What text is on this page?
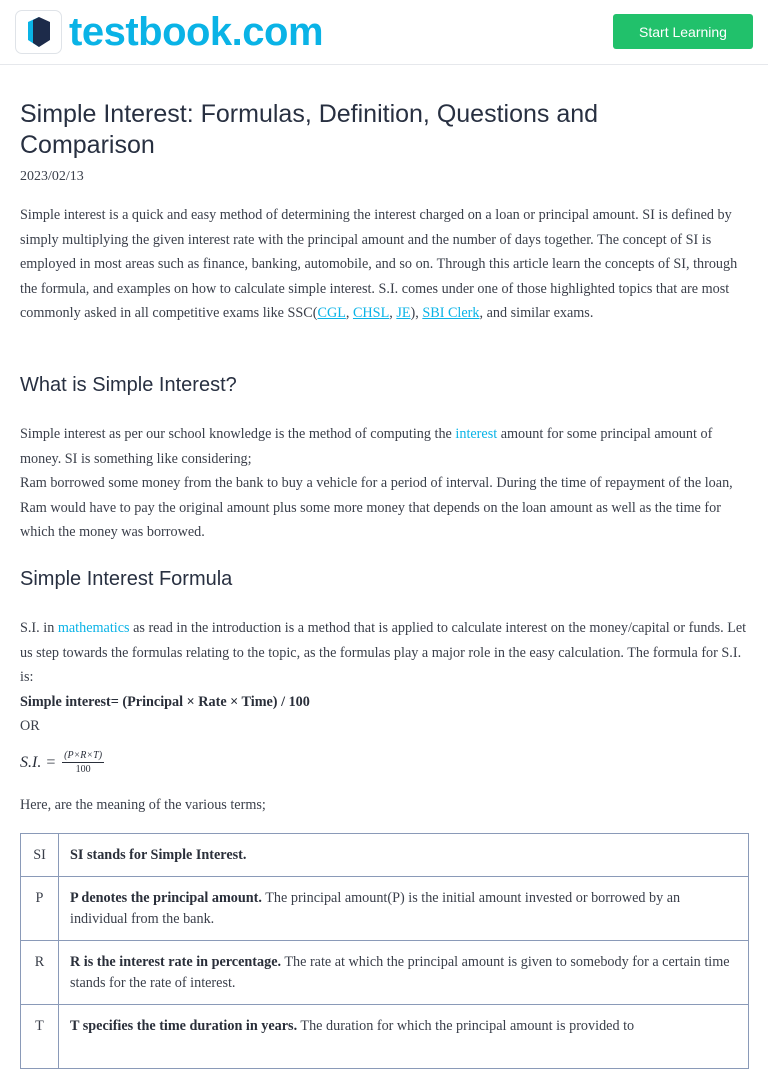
testbook.com	Start Learning
Simple Interest: Formulas, Definition, Questions and Comparison
2023/02/13
Simple interest is a quick and easy method of determining the interest charged on a loan or principal amount. SI is defined by simply multiplying the given interest rate with the principal amount and the number of days together. The concept of SI is employed in most areas such as finance, banking, automobile, and so on. Through this article learn the concepts of SI, through the formula, and examples on how to calculate simple interest. S.I. comes under one of those highlighted topics that are most commonly asked in all competitive exams like SSC(CGL, CHSL, JE), SBI Clerk, and similar exams.
What is Simple Interest?
Simple interest as per our school knowledge is the method of computing the interest amount for some principal amount of money. SI is something like considering;
Ram borrowed some money from the bank to buy a vehicle for a period of interval. During the time of repayment of the loan, Ram would have to pay the original amount plus some more money that depends on the loan amount as well as the time for which the money was borrowed.
Simple Interest Formula
S.I. in mathematics as read in the introduction is a method that is applied to calculate interest on the money/capital or funds. Let us step towards the formulas relating to the topic, as the formulas play a major role in the easy calculation. The formula for S.I. is:
Simple interest= (Principal × Rate × Time) / 100
OR
S.I. = $\frac{(P\times R\times T)}{100}$
Here, are the meaning of the various terms;
SI	SI stands for Simple Interest.
P	P denotes the principal amount. The principal amount(P) is the initial amount invested or borrowed by an individual from the bank.
R	R is the interest rate in percentage. The rate at which the principal amount is given to somebody for a certain time stands for the rate of interest.
T	T specifies the time duration in years. The duration for which the principal amount is provided to
